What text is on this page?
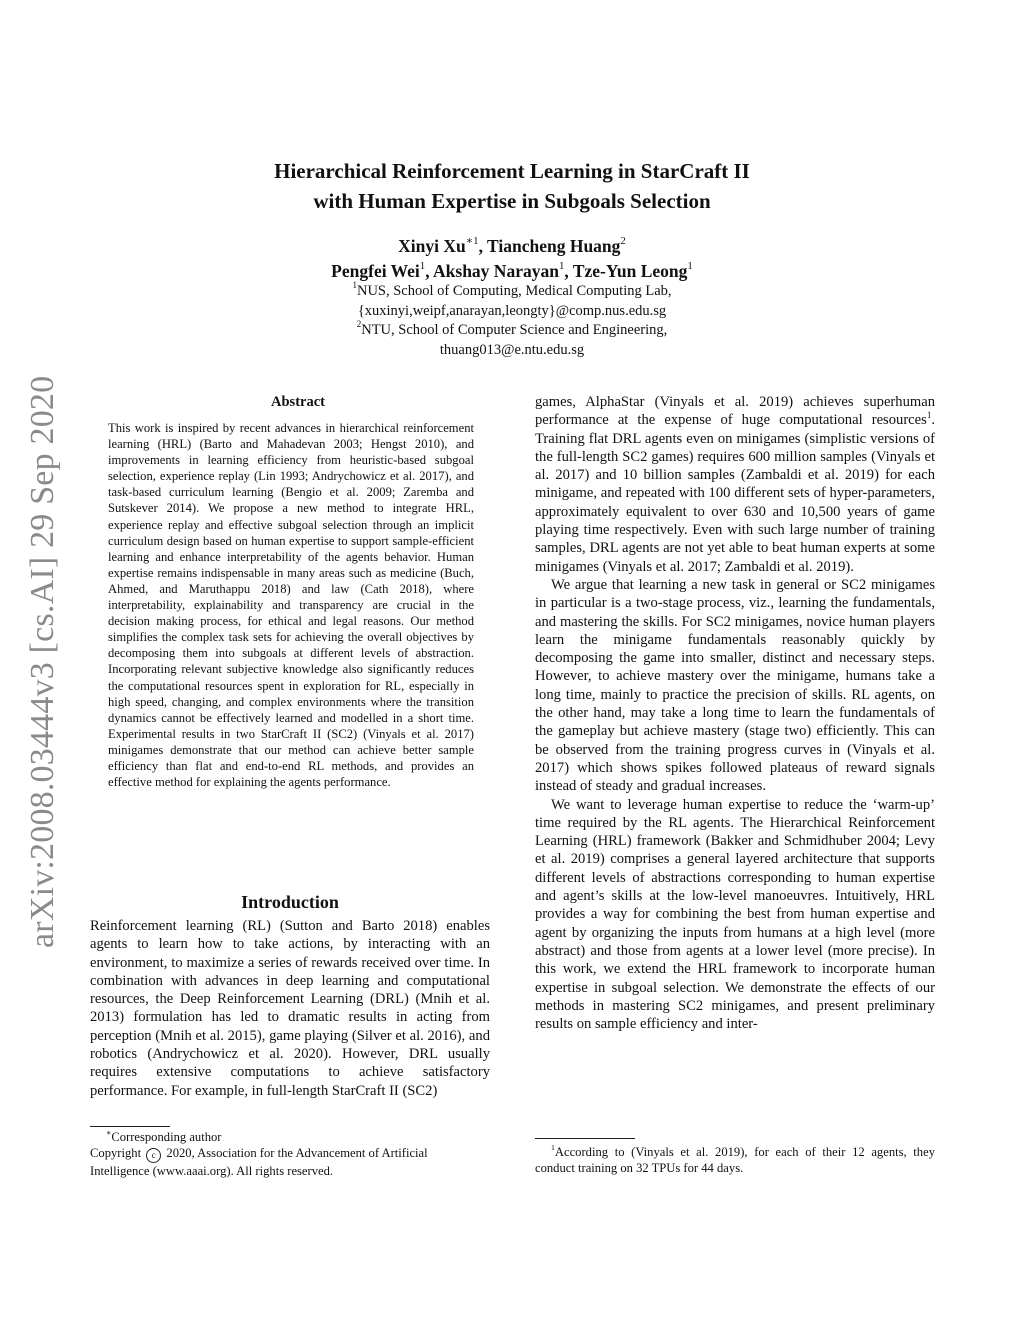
arXiv:2008.03444v3 [cs.AI] 29 Sep 2020
Hierarchical Reinforcement Learning in StarCraft II
with Human Expertise in Subgoals Selection
Xinyi $Xu^{∗1}$, Tiancheng Huang$^2$
Pengfei Wei$^1$, Akshay Narayan$^1$, Tze-Yun Leong$^1$
$^1$NUS, School of Computing, Medical Computing Lab,
{xuxinyi,weipf,anarayan,leongty}@comp.nus.edu.sg
$^2$NTU, School of Computer Science and Engineering,
thuang013@e.ntu.edu.sg
Abstract
This work is inspired by recent advances in hierarchical reinforcement learning (HRL) (Barto and Mahadevan 2003; Hengst 2010), and improvements in learning efficiency from heuristic-based subgoal selection, experience replay (Lin 1993; Andrychowicz et al. 2017), and task-based curriculum learning (Bengio et al. 2009; Zaremba and Sutskever 2014). We propose a new method to integrate HRL, experience replay and effective subgoal selection through an implicit curriculum design based on human expertise to support sample-efficient learning and enhance interpretability of the agents behavior. Human expertise remains indispensable in many areas such as medicine (Buch, Ahmed, and Maruthappu 2018) and law (Cath 2018), where interpretability, explainability and transparency are crucial in the decision making process, for ethical and legal reasons. Our method simplifies the complex task sets for achieving the overall objectives by decomposing them into subgoals at different levels of abstraction. Incorporating relevant subjective knowledge also significantly reduces the computational resources spent in exploration for RL, especially in high speed, changing, and complex environments where the transition dynamics cannot be effectively learned and modelled in a short time. Experimental results in two StarCraft II (SC2) (Vinyals et al. 2017) minigames demonstrate that our method can achieve better sample efficiency than flat and end-to-end RL methods, and provides an effective method for explaining the agents performance.
Introduction

Reinforcement learning (RL) (Sutton and Barto 2018) enables agents to learn how to take actions, by interacting with an environment, to maximize a series of rewards received over time. In combination with advances in deep learning and computational resources, the Deep Reinforcement Learning (DRL) (Mnih et al. 2013) formulation has led to dramatic results in acting from perception (Mnih et al. 2015), game playing (Silver et al. 2016), and robotics (Andrychowicz et al. 2020). However, DRL usually requires extensive computations to achieve satisfactory performance. For example, in full-length StarCraft II (SC2)

∗Corresponding author
Copyright c 2020, Association for the Advancement of Artificial Intelligence (www.aaai.org). All rights reserved.

games, AlphaStar (Vinyals et al. 2019) achieves superhuman performance at the expense of huge computational resources$^1$. Training flat DRL agents even on minigames (simplistic versions of the full-length SC2 games) requires 600 million samples (Vinyals et al. 2017) and 10 billion samples (Zambaldi et al. 2019) for each minigame, and repeated with 100 different sets of hyper-parameters, approximately equivalent to over 630 and 10,500 years of game playing time respectively. Even with such large number of training samples, DRL agents are not yet able to beat human experts at some minigames (Vinyals et al. 2017; Zambaldi et al. 2019).

We argue that learning a new task in general or SC2 minigames in particular is a two-stage process, viz., learning the fundamentals, and mastering the skills. For SC2 minigames, novice human players learn the minigame fundamentals reasonably quickly by decomposing the game into smaller, distinct and necessary steps. However, to achieve mastery over the minigame, humans take a long time, mainly to practice the precision of skills. RL agents, on the other hand, may take a long time to learn the fundamentals of the gameplay but achieve mastery (stage two) efficiently. This can be observed from the training progress curves in (Vinyals et al. 2017) which shows spikes followed plateaus of reward signals instead of steady and gradual increases.

We want to leverage human expertise to reduce the ‘warm-up’ time required by the RL agents. The Hierarchical Reinforcement Learning (HRL) framework (Bakker and Schmidhuber 2004; Levy et al. 2019) comprises a general layered architecture that supports different levels of abstractions corresponding to human expertise and agent’s skills at the low-level manoeuvres. Intuitively, HRL provides a way for combining the best from human expertise and agent by organizing the inputs from humans at a high level (more abstract) and those from agents at a lower level (more precise). In this work, we extend the HRL framework to incorporate human expertise in subgoal selection. We demonstrate the effects of our methods in mastering SC2 minigames, and present preliminary results on sample efficiency and inter-

$^1$According to (Vinyals et al. 2019), for each of their 12 agents, they conduct training on 32 TPUs for 44 days.
